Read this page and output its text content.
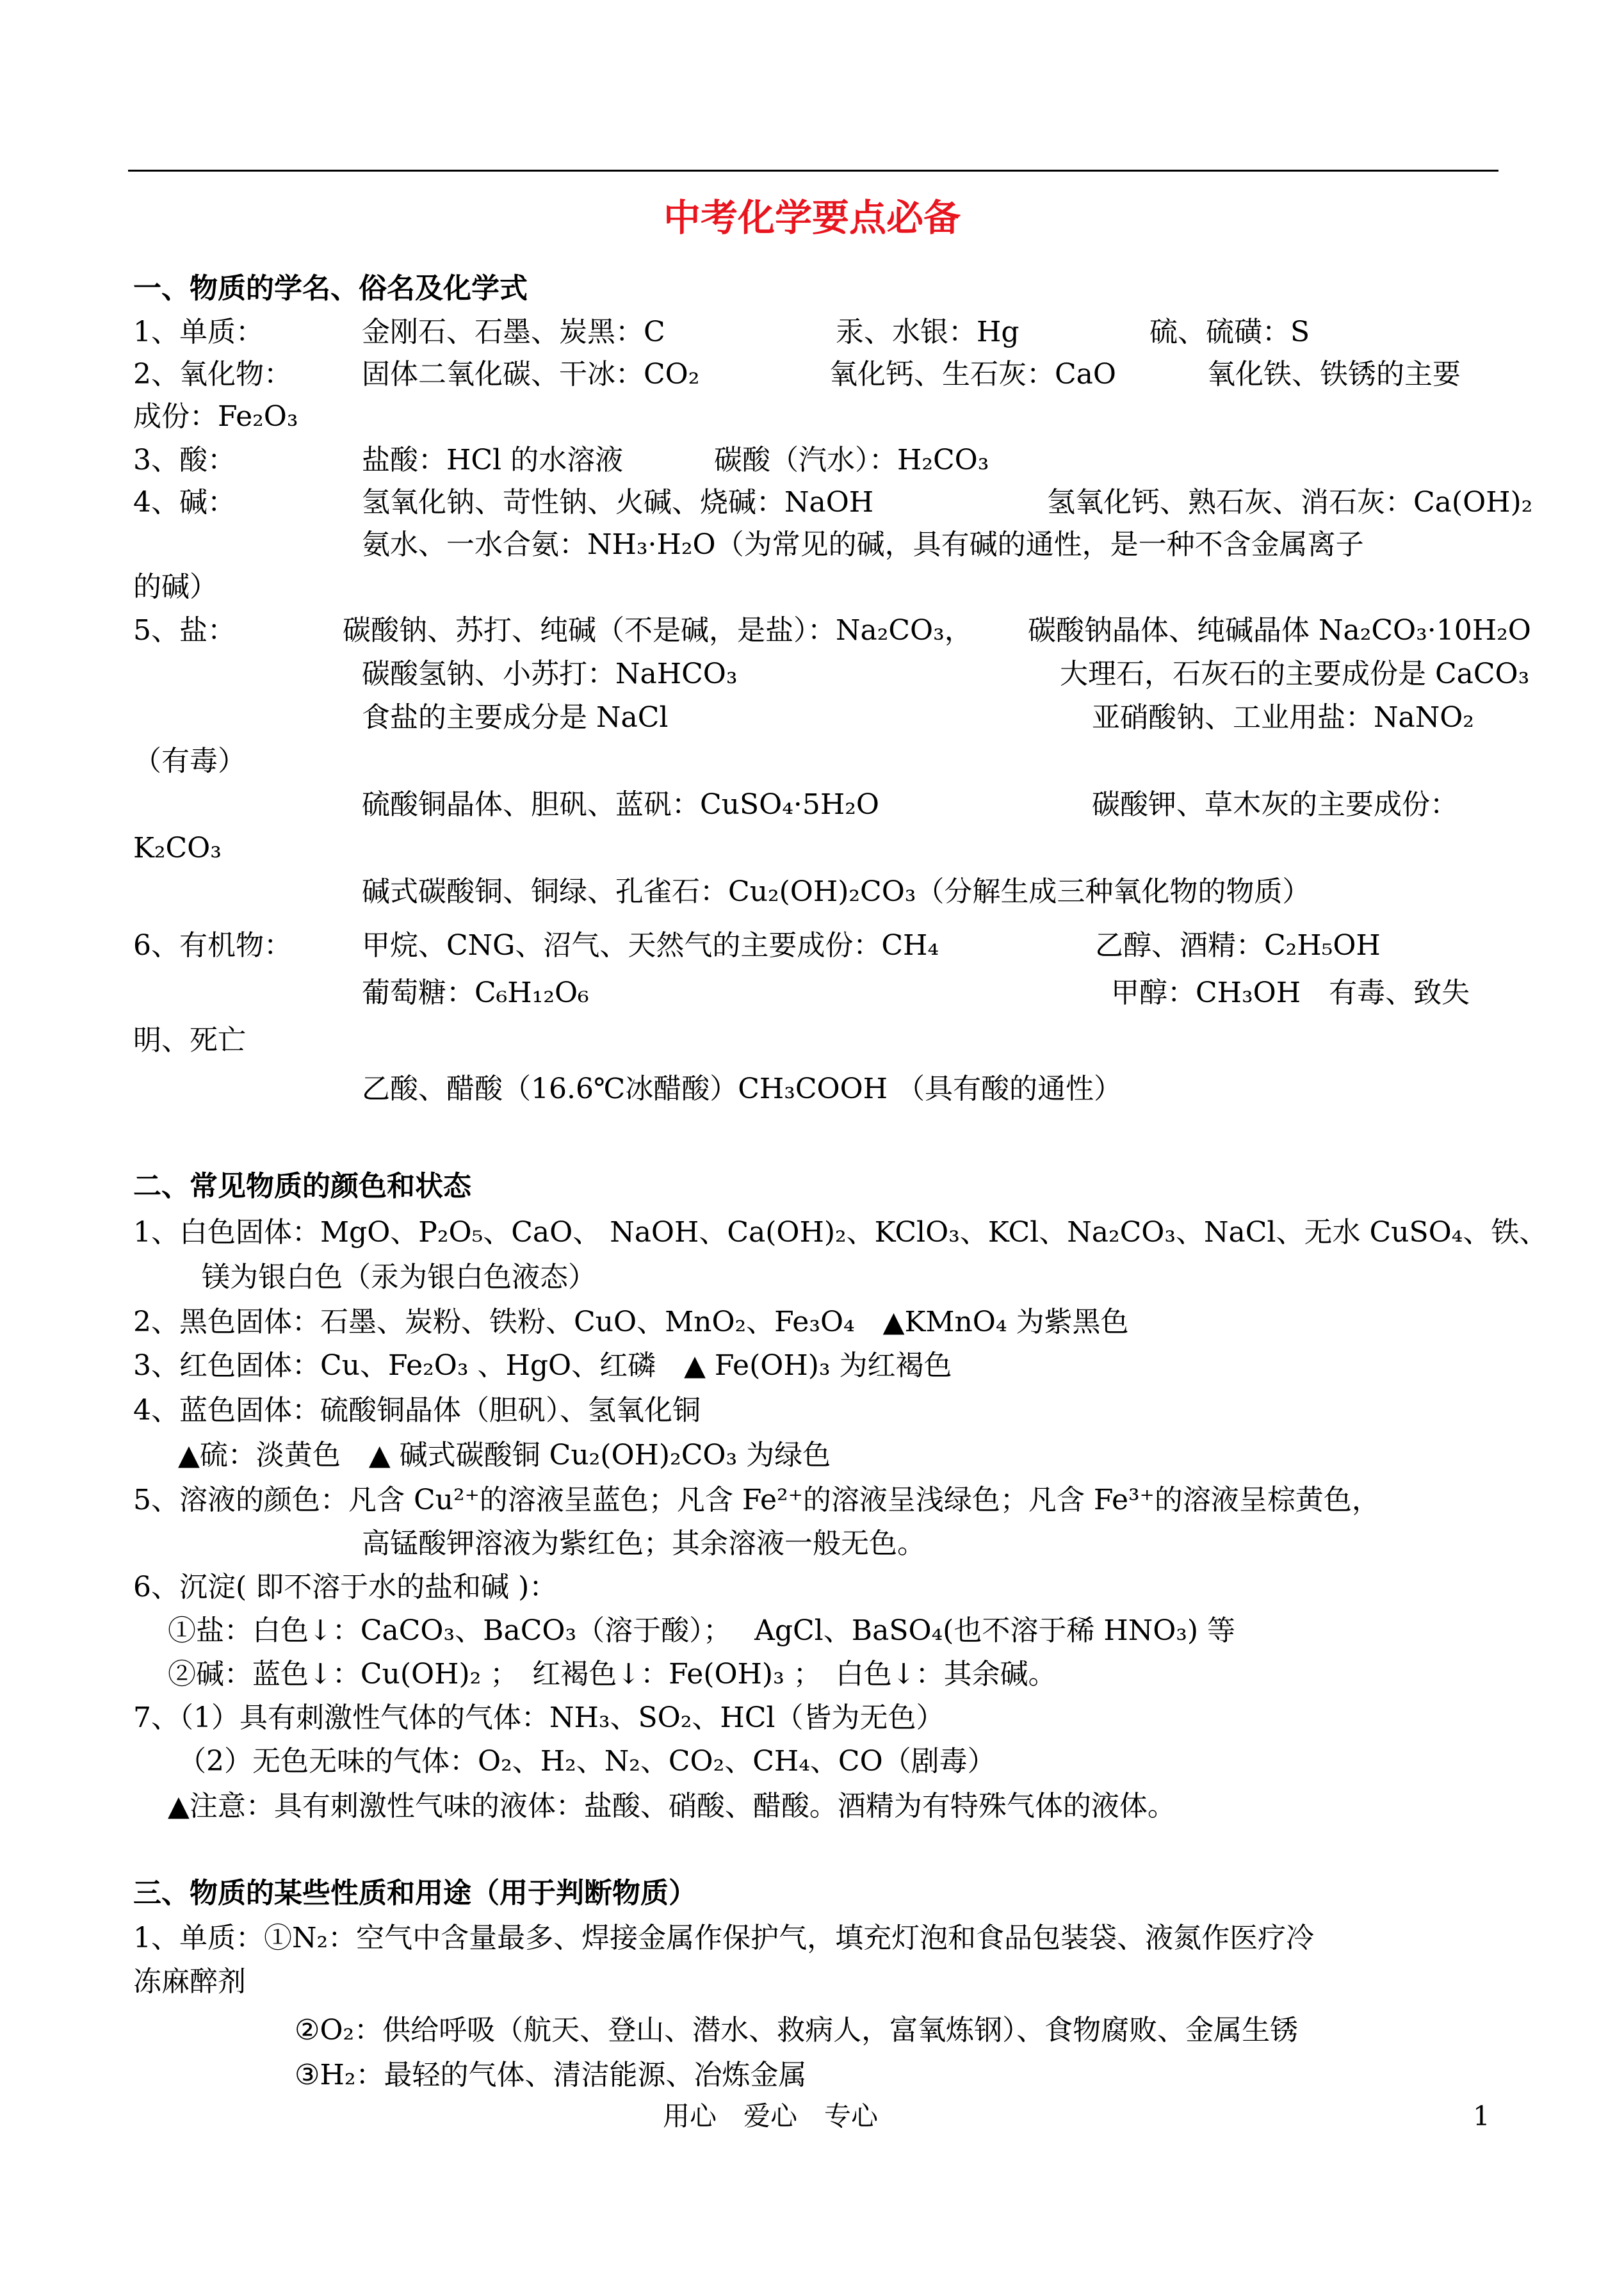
中考化学要点必备
一、物质的学名、俗名及化学式
1、单质：	金刚石、石墨、炭黑：C	汞、水银：Hg	硫、硫磺：S
2、氧化物： 固体二氧化碳、干冰：CO₂	氧化钙、生石灰：CaO	氧化铁、铁锈的主要
成份：Fe₂O₃
3、酸：	盐酸：HCl 的水溶液	碳酸（汽水）：H₂CO₃
4、碱：	氢氧化钠、苛性钠、火碱、烧碱：NaOH	氢氧化钙、熟石灰、消石灰：Ca(OH)₂
氨水、一水合氨：NH₃·H₂O（为常见的碱，具有碱的通性，是一种不含金属离子
的碱）
5、盐：	碳酸钠、苏打、纯碱（不是碱，是盐）：Na₂CO₃， 碳酸钠晶体、纯碱晶体 Na₂CO₃·10H₂O
碳酸氢钠、小苏打：NaHCO₃	大理石，石灰石的主要成份是 CaCO₃
食盐的主要成分是 NaCl	亚硝酸钠、工业用盐：NaNO₂
（有毒）
硫酸铜晶体、胆矾、蓝矾：CuSO₄·5H₂O	碳酸钾、草木灰的主要成份：
K₂CO₃
碱式碳酸铜、铜绿、孔雀石：Cu₂(OH)₂CO₃（分解生成三种氧化物的物质）
6、有机物： 甲烷、CNG、沼气、天然气的主要成份：CH₄	乙醇、酒精：C₂H₅OH
葡萄糖：C₆H₁₂O₆	甲醇：CH₃OH　有毒、致失
明、死亡
乙酸、醋酸（16.6℃冰醋酸）CH₃COOH （具有酸的通性）
二、常见物质的颜色和状态
1、白色固体：MgO、P₂O₅、CaO、 NaOH、Ca(OH)₂、KClO₃、KCl、Na₂CO₃、NaCl、无水 CuSO₄、铁、
镁为银白色（汞为银白色液态）
2、黑色固体：石墨、炭粉、铁粉、CuO、MnO₂、Fe₃O₄　▲KMnO₄ 为紫黑色
3、红色固体：Cu、Fe₂O₃ 、HgO、红磷　▲ Fe(OH)₃ 为红褐色
4、蓝色固体：硫酸铜晶体（胆矾）、氢氧化铜
▲硫：淡黄色　▲ 碱式碳酸铜 Cu₂(OH)₂CO₃ 为绿色
5、溶液的颜色：凡含 Cu²⁺的溶液呈蓝色；凡含 Fe²⁺的溶液呈浅绿色；凡含 Fe³⁺的溶液呈棕黄色，
高锰酸钾溶液为紫红色；其余溶液一般无色。
6、沉淀( 即不溶于水的盐和碱 )：
①盐：白色↓：CaCO₃、BaCO₃（溶于酸）；　 AgCl、BaSO₄(也不溶于稀 HNO₃) 等
②碱：蓝色↓：Cu(OH)₂ ；　红褐色↓：Fe(OH)₃ ；　白色↓：其余碱。
7、（1）具有刺激性气体的气体：NH₃、SO₂、HCl（皆为无色）
（2）无色无味的气体：O₂、H₂、N₂、CO₂、CH₄、CO（剧毒）
▲注意：具有刺激性气味的液体：盐酸、硝酸、醋酸。酒精为有特殊气体的液体。
三、物质的某些性质和用途（用于判断物质）
1、单质：①N₂：空气中含量最多、焊接金属作保护气，填充灯泡和食品包装袋、液氮作医疗冷
冻麻醉剂
②O₂：供给呼吸（航天、登山、潜水、救病人，富氧炼钢）、食物腐败、金属生锈
③H₂：最轻的气体、清洁能源、冶炼金属
用心　爱心　专心	1
